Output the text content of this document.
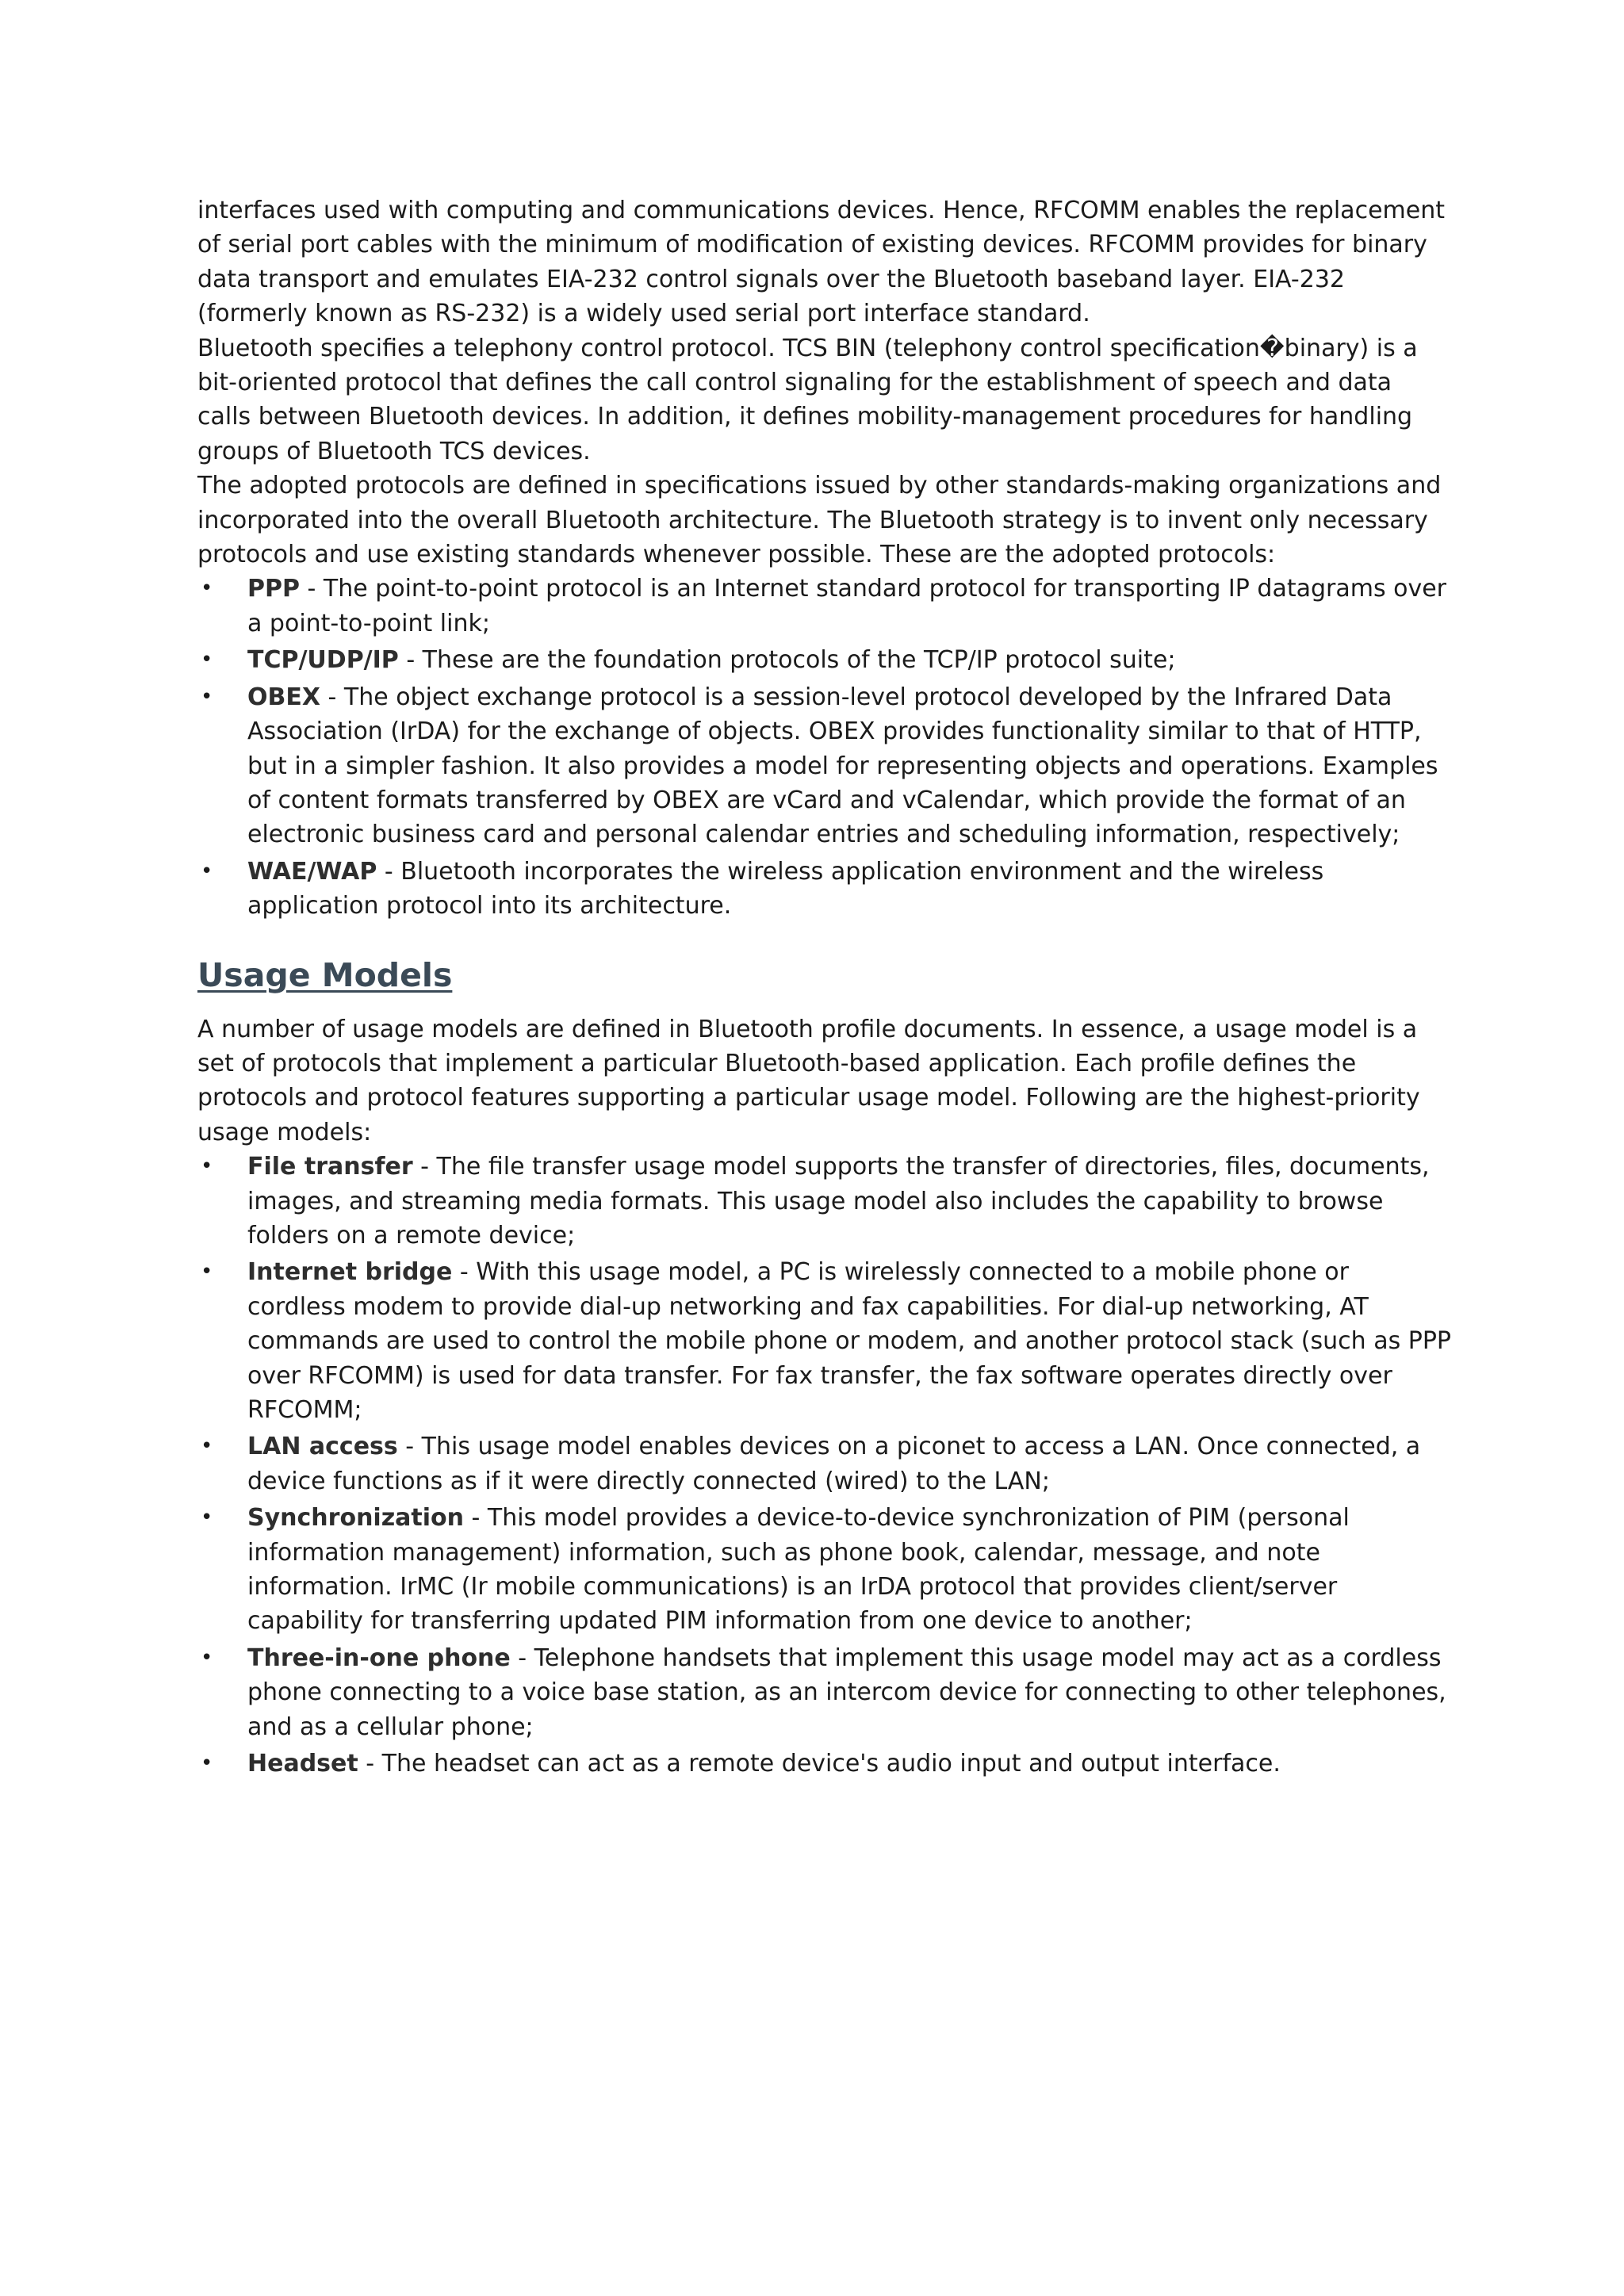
interfaces used with computing and communications devices. Hence, RFCOMM enables the replacement of serial port cables with the minimum of modification of existing devices. RFCOMM provides for binary data transport and emulates EIA-232 control signals over the Bluetooth baseband layer. EIA-232 (formerly known as RS-232) is a widely used serial port interface standard.

Bluetooth specifies a telephony control protocol. TCS BIN (telephony control specification�binary) is a bit-oriented protocol that defines the call control signaling for the establishment of speech and data calls between Bluetooth devices. In addition, it defines mobility-management procedures for handling groups of Bluetooth TCS devices.

The adopted protocols are defined in specifications issued by other standards-making organizations and incorporated into the overall Bluetooth architecture. The Bluetooth strategy is to invent only necessary protocols and use existing standards whenever possible. These are the adopted protocols:

• PPP - The point-to-point protocol is an Internet standard protocol for transporting IP datagrams over a point-to-point link;
• TCP/UDP/IP - These are the foundation protocols of the TCP/IP protocol suite;
• OBEX - The object exchange protocol is a session-level protocol developed by the Infrared Data Association (IrDA) for the exchange of objects. OBEX provides functionality similar to that of HTTP, but in a simpler fashion. It also provides a model for representing objects and operations. Examples of content formats transferred by OBEX are vCard and vCalendar, which provide the format of an electronic business card and personal calendar entries and scheduling information, respectively;
• WAE/WAP - Bluetooth incorporates the wireless application environment and the wireless application protocol into its architecture.
Usage Models

A number of usage models are defined in Bluetooth profile documents. In essence, a usage model is a set of protocols that implement a particular Bluetooth-based application. Each profile defines the protocols and protocol features supporting a particular usage model. Following are the highest-priority usage models:

• File transfer - The file transfer usage model supports the transfer of directories, files, documents, images, and streaming media formats. This usage model also includes the capability to browse folders on a remote device;
• Internet bridge - With this usage model, a PC is wirelessly connected to a mobile phone or cordless modem to provide dial-up networking and fax capabilities. For dial-up networking, AT commands are used to control the mobile phone or modem, and another protocol stack (such as PPP over RFCOMM) is used for data transfer. For fax transfer, the fax software operates directly over RFCOMM;
• LAN access - This usage model enables devices on a piconet to access a LAN. Once connected, a device functions as if it were directly connected (wired) to the LAN;
• Synchronization - This model provides a device-to-device synchronization of PIM (personal information management) information, such as phone book, calendar, message, and note information. IrMC (Ir mobile communications) is an IrDA protocol that provides client/server capability for transferring updated PIM information from one device to another;
• Three-in-one phone - Telephone handsets that implement this usage model may act as a cordless phone connecting to a voice base station, as an intercom device for connecting to other telephones, and as a cellular phone;
• Headset - The headset can act as a remote device's audio input and output interface.
